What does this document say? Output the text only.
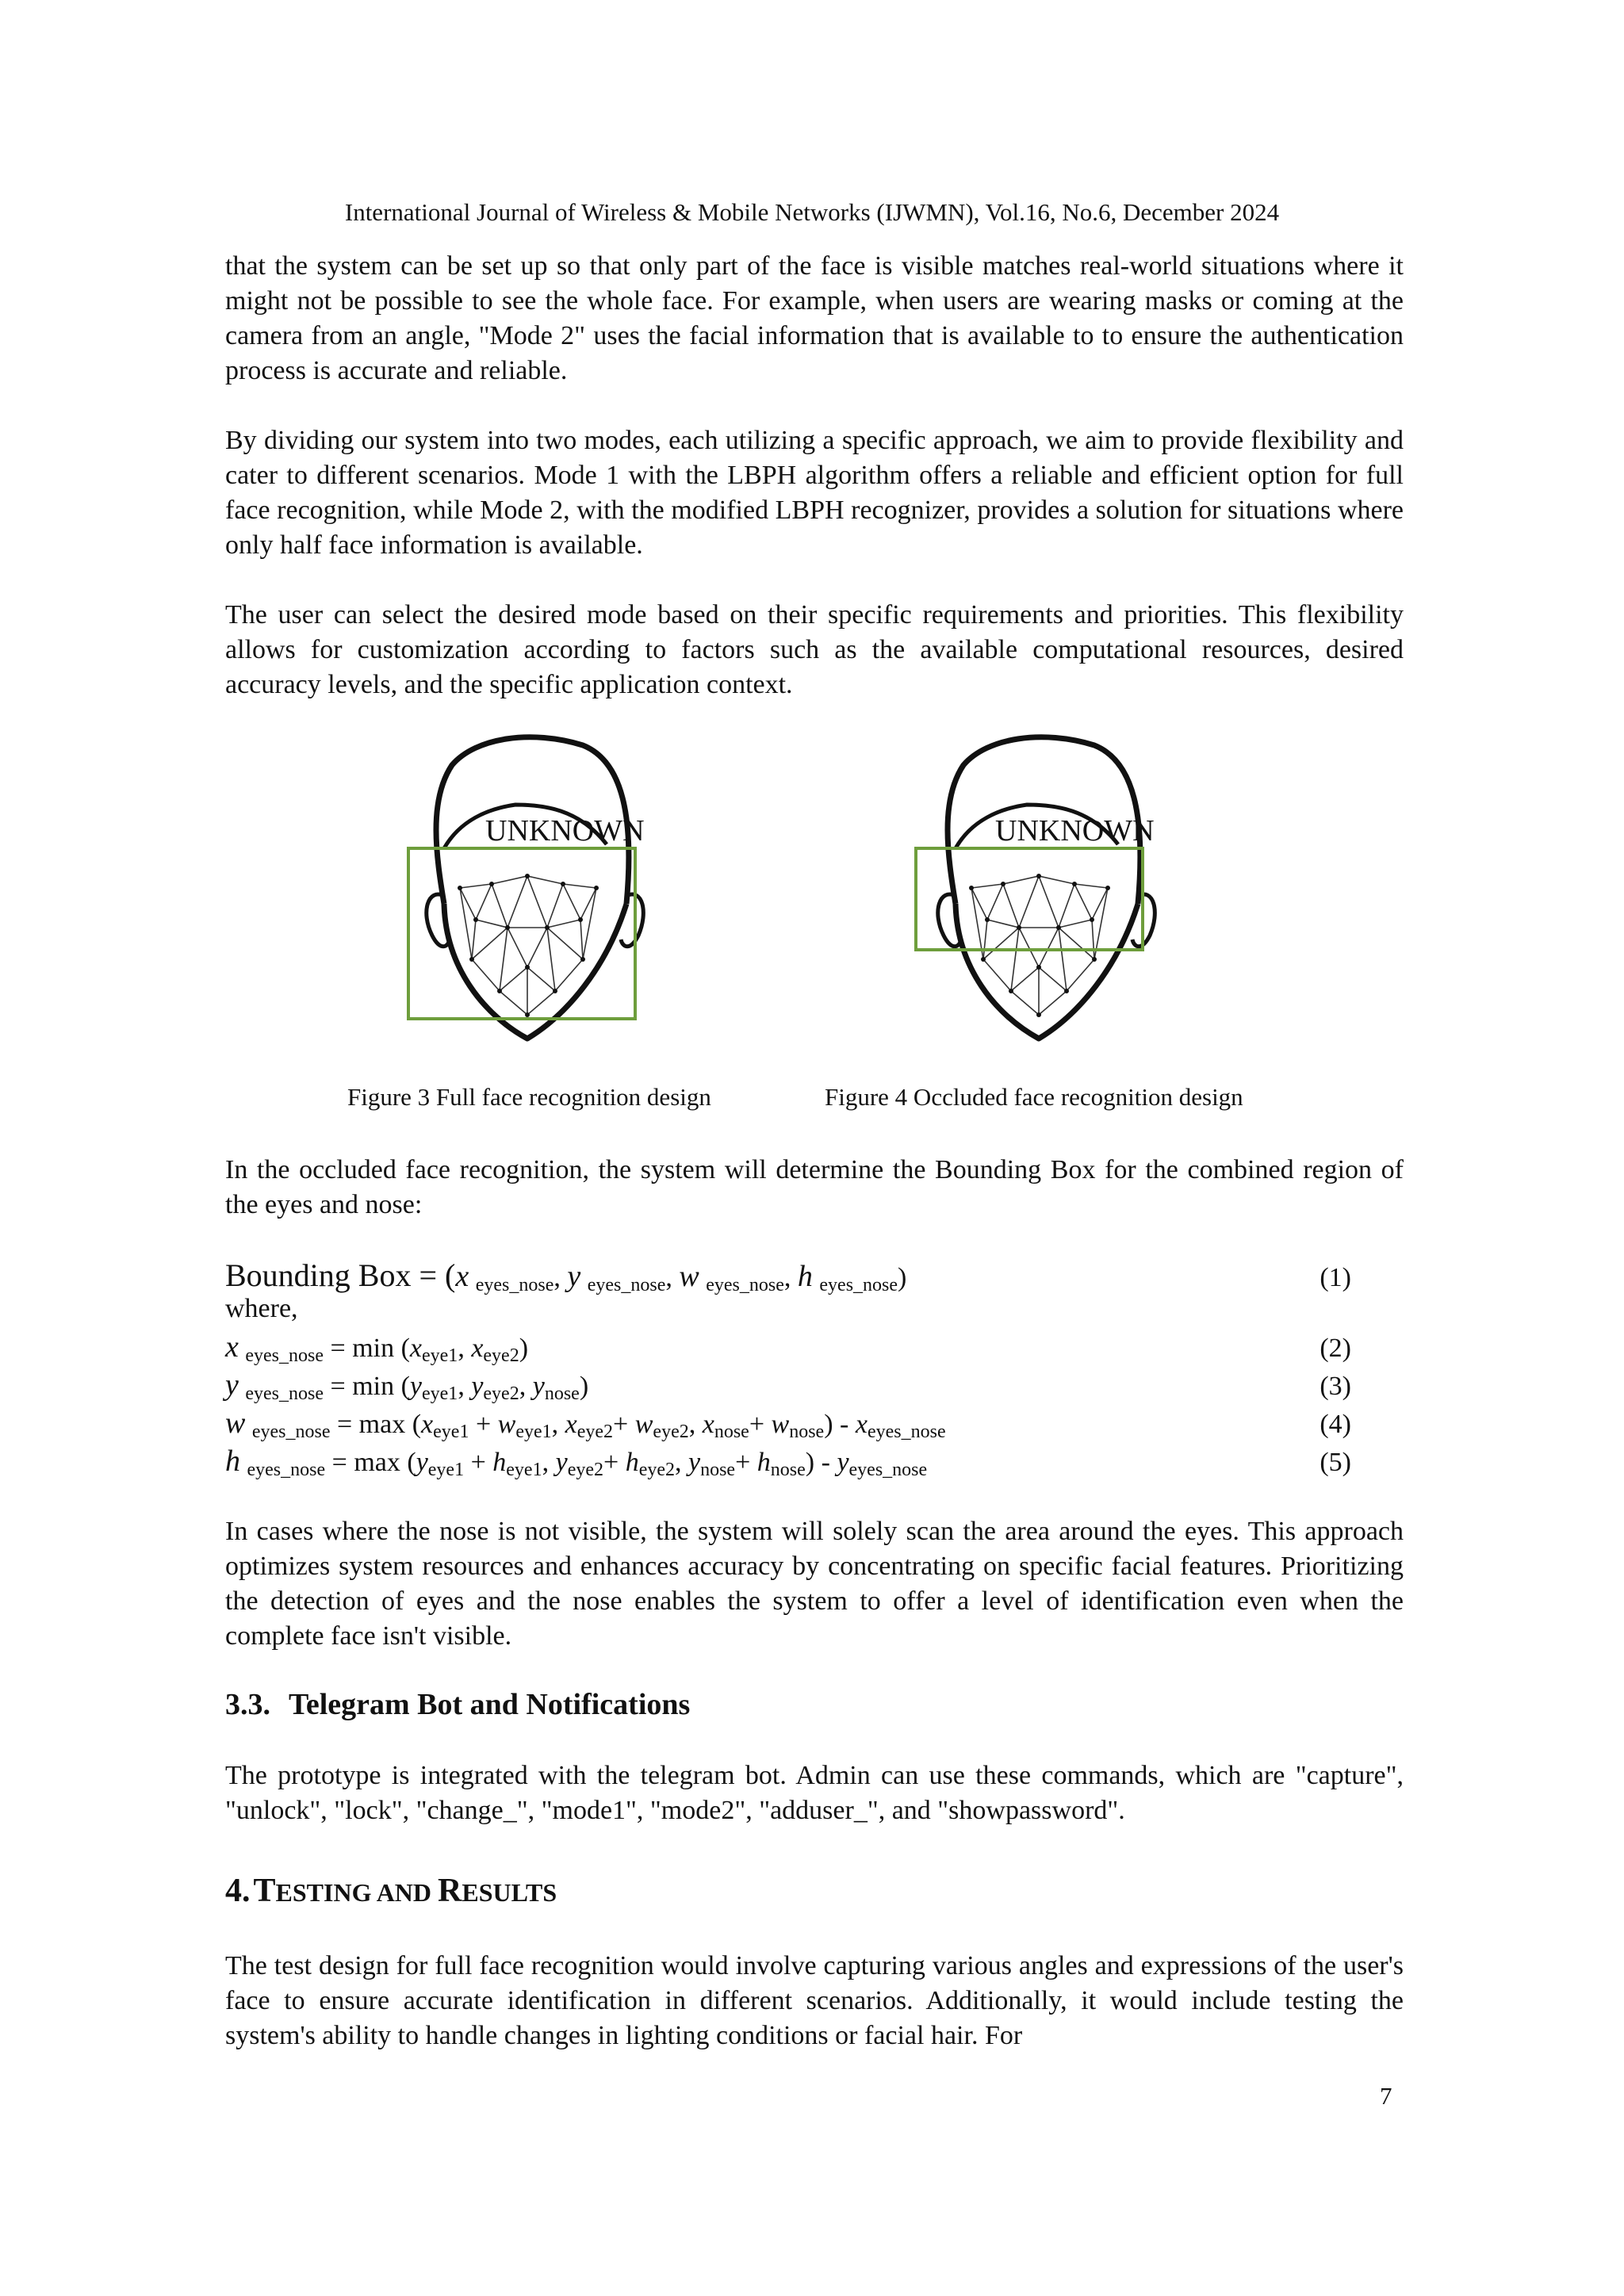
International Journal of Wireless & Mobile Networks (IJWMN), Vol.16, No.6, December 2024

that the system can be set up so that only part of the face is visible matches real-world situations where it might not be possible to see the whole face. For example, when users are wearing masks or coming at the camera from an angle, "Mode 2" uses the facial information that is available to to ensure the authentication process is accurate and reliable.

By dividing our system into two modes, each utilizing a specific approach, we aim to provide flexibility and cater to different scenarios. Mode 1 with the LBPH algorithm offers a reliable and efficient option for full face recognition, while Mode 2, with the modified LBPH recognizer, provides a solution for situations where only half face information is available.

The user can select the desired mode based on their specific requirements and priorities. This flexibility allows for customization according to factors such as the available computational resources, desired accuracy levels, and the specific application context.

UNKNOWN	UNKNOWN
Figure 3 Full face recognition design	Figure 4 Occluded face recognition design

In the occluded face recognition, the system will determine the Bounding Box for the combined region of the eyes and nose:

Bounding Box = (x $_{eyes\_nose}$, y $_{eyes\_nose}$, w $_{eyes\_nose}$, h $_{eyes\_nose}$)	(1)
where,
x $_{eyes\_nose} = \min (x_{eye1}$, $x_{eye2}$)	(2)
y $_{eyes\_nose} = \min (y_{eye1}$, $y_{eye2}$, $y_{nose}$)	(3)
w $_{eyes\_nose} = \max (x_{eye1} + w_{eye1}$, $x_{eye2}+ w_{eye2}$, $x_{nose}+ w_{nose}) - x_{eyes\_nose}$	(4)
h $_{eyes\_nose} = \max (y_{eye1} + h_{eye1}$, $y_{eye2}+ h_{eye2}$, $y_{nose}+ h_{nose}) - y_{eyes\_nose}$	(5)

In cases where the nose is not visible, the system will solely scan the area around the eyes. This approach optimizes system resources and enhances accuracy by concentrating on specific facial features. Prioritizing the detection of eyes and the nose enables the system to offer a level of identification even when the complete face isn't visible.

3.3. Telegram Bot and Notifications

The prototype is integrated with the telegram bot. Admin can use these commands, which are "capture", "unlock", "lock", "change_", "mode1", "mode2", "adduser_", and "showpassword".

4. TESTING AND RESULTS

The test design for full face recognition would involve capturing various angles and expressions of the user's face to ensure accurate identification in different scenarios. Additionally, it would include testing the system's ability to handle changes in lighting conditions or facial hair. For

7
